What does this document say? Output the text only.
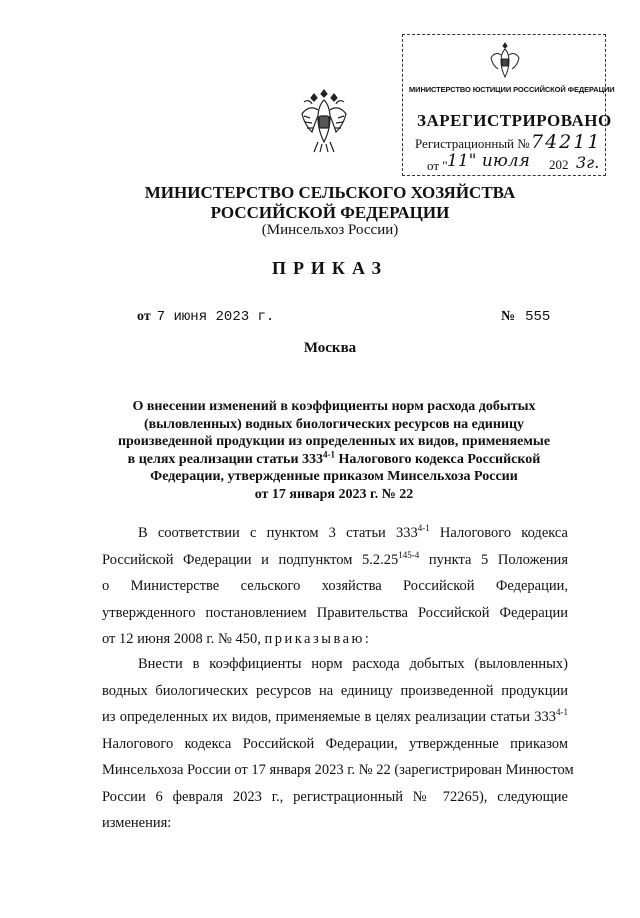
МИНИСТЕРСТВО ЮСТИЦИИ РОССИЙСКОЙ ФЕДЕРАЦИИ
ЗАРЕГИСТРИРОВАНО
Регистрационный № 74211
от " 11" июля 202 3г.
МИНИСТЕРСТВО СЕЛЬСКОГО ХОЗЯЙСТВА
РОССИЙСКОЙ ФЕДЕРАЦИИ
(Минсельхоз России)
ПРИКАЗ
от 7 июня 2023 г.	№ 555
Москва
О внесении изменений в коэффициенты норм расхода добытых
(выловленных) водных биологических ресурсов на единицу
произведенной продукции из определенных их видов, применяемые
в целях реализации статьи 333$^{4-1}$ Налогового кодекса Российской
Федерации, утвержденные приказом Минсельхоза России
от 17 января 2023 г. № 22
В соответствии с пунктом 3 статьи 333$^{4-1}$ Налогового кодекса
Российской Федерации и подпунктом 5.2.25$^{145-4}$ пункта 5 Положения
о Министерстве сельского хозяйства Российской Федерации,
утвержденного постановлением Правительства Российской Федерации
от 12 июня 2008 г. № 450, приказываю:
Внести в коэффициенты норм расхода добытых (выловленных)
водных биологических ресурсов на единицу произведенной продукции
из определенных их видов, применяемые в целях реализации статьи 333$^{4-1}$
Налогового кодекса Российской Федерации, утвержденные приказом
Минсельхоза России от 17 января 2023 г. № 22 (зарегистрирован Минюстом
России 6 февраля 2023 г., регистрационный № 72265), следующие
изменения:
